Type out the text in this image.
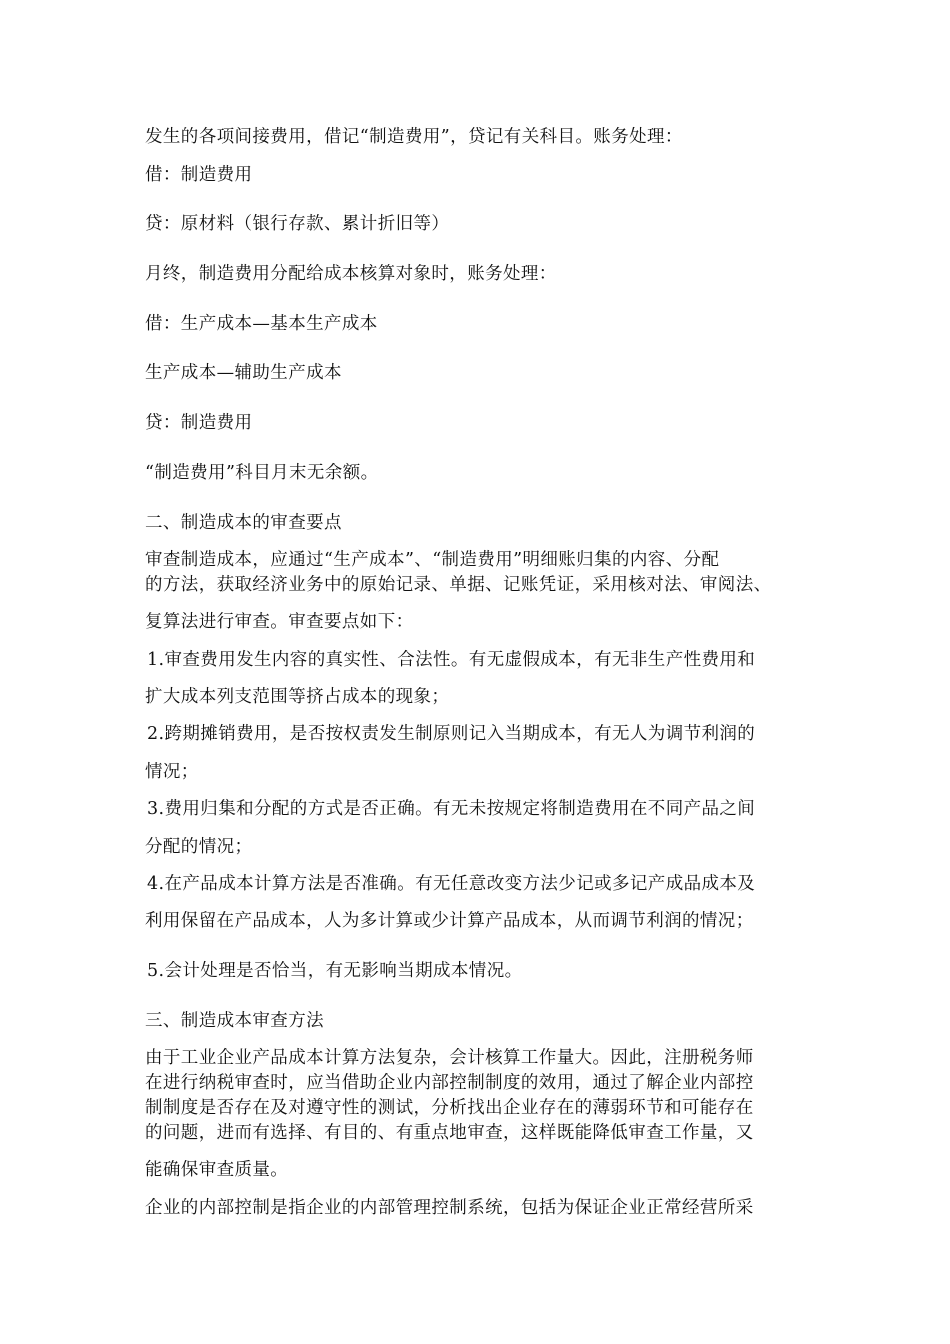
发生的各项间接费用，借记“制造费用”，贷记有关科目。账务处理：
借：制造费用
贷：原材料（银行存款、累计折旧等）
月终，制造费用分配给成本核算对象时，账务处理：
借：生产成本—基本生产成本
生产成本—辅助生产成本
贷：制造费用
“制造费用”科目月末无余额。
二、制造成本的审查要点
审查制造成本，应通过“生产成本”、“制造费用”明细账归集的内容、分配
的方法，获取经济业务中的原始记录、单据、记账凭证，采用核对法、审阅法、
复算法进行审查。审查要点如下：
1.审查费用发生内容的真实性、合法性。有无虚假成本，有无非生产性费用和
扩大成本列支范围等挤占成本的现象；
2.跨期摊销费用，是否按权责发生制原则记入当期成本，有无人为调节利润的
情况；
3.费用归集和分配的方式是否正确。有无未按规定将制造费用在不同产品之间
分配的情况；
4.在产品成本计算方法是否准确。有无任意改变方法少记或多记产成品成本及
利用保留在产品成本，人为多计算或少计算产品成本，从而调节利润的情况；
5.会计处理是否恰当，有无影响当期成本情况。
三、制造成本审查方法
由于工业企业产品成本计算方法复杂，会计核算工作量大。因此，注册税务师
在进行纳税审查时，应当借助企业内部控制制度的效用，通过了解企业内部控
制制度是否存在及对遵守性的测试，分析找出企业存在的薄弱环节和可能存在
的问题，进而有选择、有目的、有重点地审查，这样既能降低审查工作量，又
能确保审查质量。
企业的内部控制是指企业的内部管理控制系统，包括为保证企业正常经营所采
